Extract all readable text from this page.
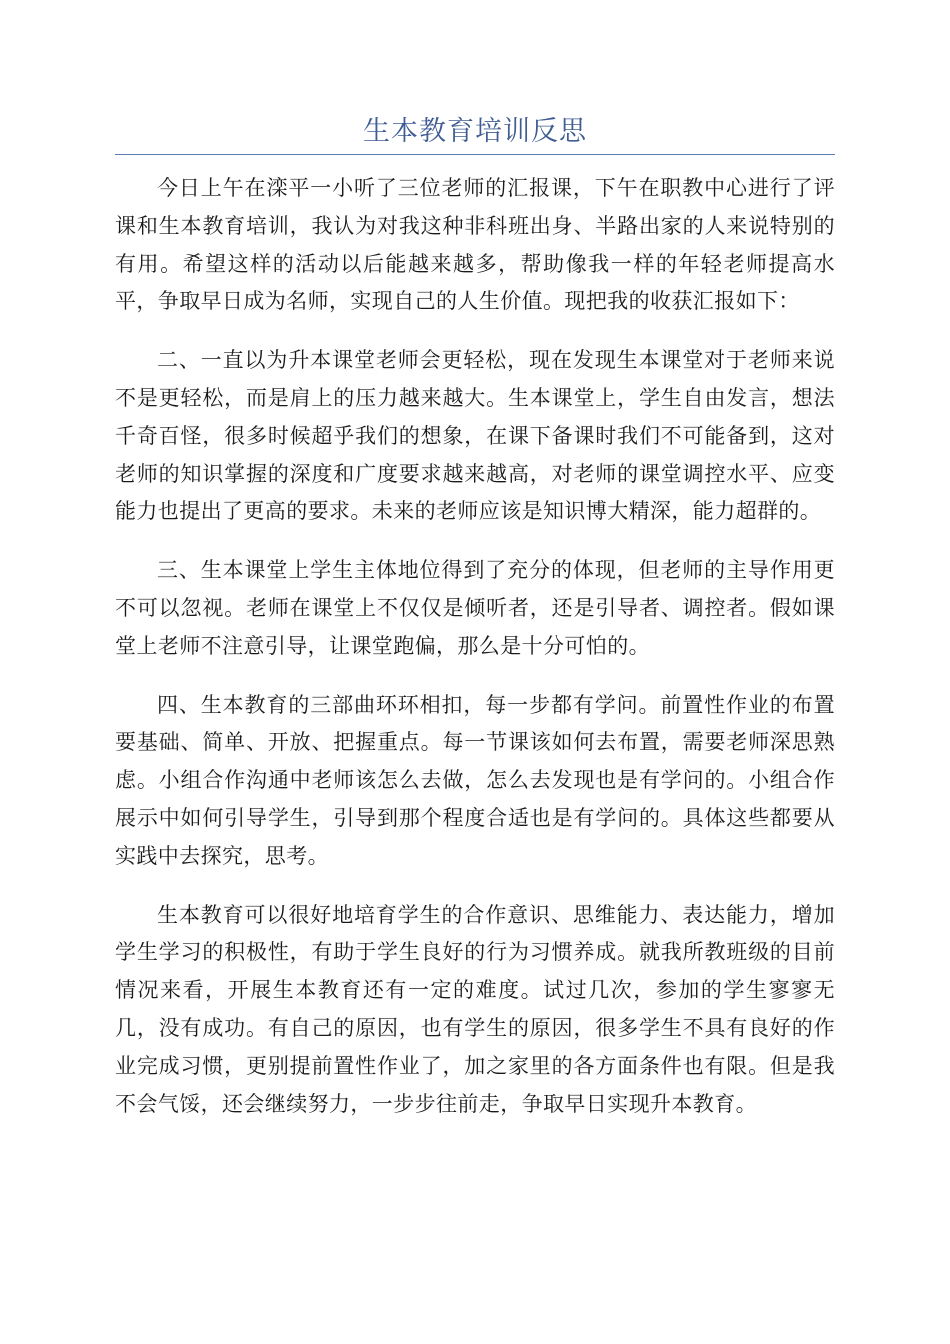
生本教育培训反思

今日上午在滦平一小听了三位老师的汇报课，下午在职教中心进行了评课和生本教育培训，我认为对我这种非科班出身、半路出家的人来说特别的有用。希望这样的活动以后能越来越多，帮助像我一样的年轻老师提高水平，争取早日成为名师，实现自己的人生价值。现把我的收获汇报如下：

二、一直以为升本课堂老师会更轻松，现在发现生本课堂对于老师来说不是更轻松，而是肩上的压力越来越大。生本课堂上，学生自由发言，想法千奇百怪，很多时候超乎我们的想象，在课下备课时我们不可能备到，这对老师的知识掌握的深度和广度要求越来越高，对老师的课堂调控水平、应变能力也提出了更高的要求。未来的老师应该是知识博大精深，能力超群的。

三、生本课堂上学生主体地位得到了充分的体现，但老师的主导作用更不可以忽视。老师在课堂上不仅仅是倾听者，还是引导者、调控者。假如课堂上老师不注意引导，让课堂跑偏，那么是十分可怕的。

四、生本教育的三部曲环环相扣，每一步都有学问。前置性作业的布置要基础、简单、开放、把握重点。每一节课该如何去布置，需要老师深思熟虑。小组合作沟通中老师该怎么去做，怎么去发现也是有学问的。小组合作展示中如何引导学生，引导到那个程度合适也是有学问的。具体这些都要从实践中去探究，思考。

生本教育可以很好地培育学生的合作意识、思维能力、表达能力，增加学生学习的积极性，有助于学生良好的行为习惯养成。就我所教班级的目前情况来看，开展生本教育还有一定的难度。试过几次，参加的学生寥寥无几，没有成功。有自己的原因，也有学生的原因，很多学生不具有良好的作业完成习惯，更别提前置性作业了，加之家里的各方面条件也有限。但是我不会气馁，还会继续努力，一步步往前走，争取早日实现升本教育。
